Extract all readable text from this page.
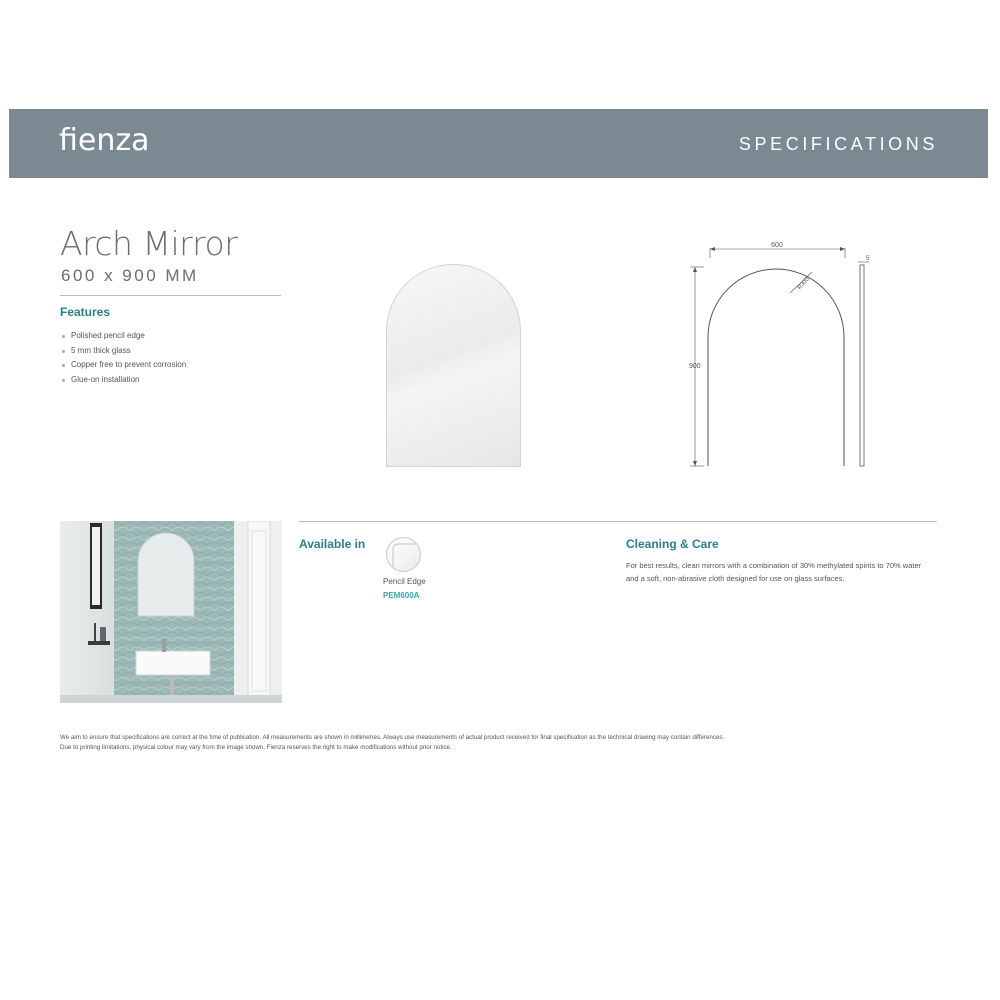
fienza	SPECIFICATIONS
Arch Mirror
600 x 900 MM
Features
Polished pencil edge
5 mm thick glass
Copper free to prevent corrosion
Glue-on installation
600
900
5
R300
Available in
Pencil Edge
PEM600A
Cleaning & Care
For best results, clean mirrors with a combination of 30% methylated spirits to 70% water and a soft, non-abrasive cloth designed for use on glass surfaces.
We aim to ensure that specifications are correct at the time of publication. All measurements are shown in millimetres. Always use measurements of actual product received for final specification as the technical drawing may contain differences.
Due to printing limitations, physical colour may vary from the image shown. Fienza reserves the right to make modifications without prior notice.
